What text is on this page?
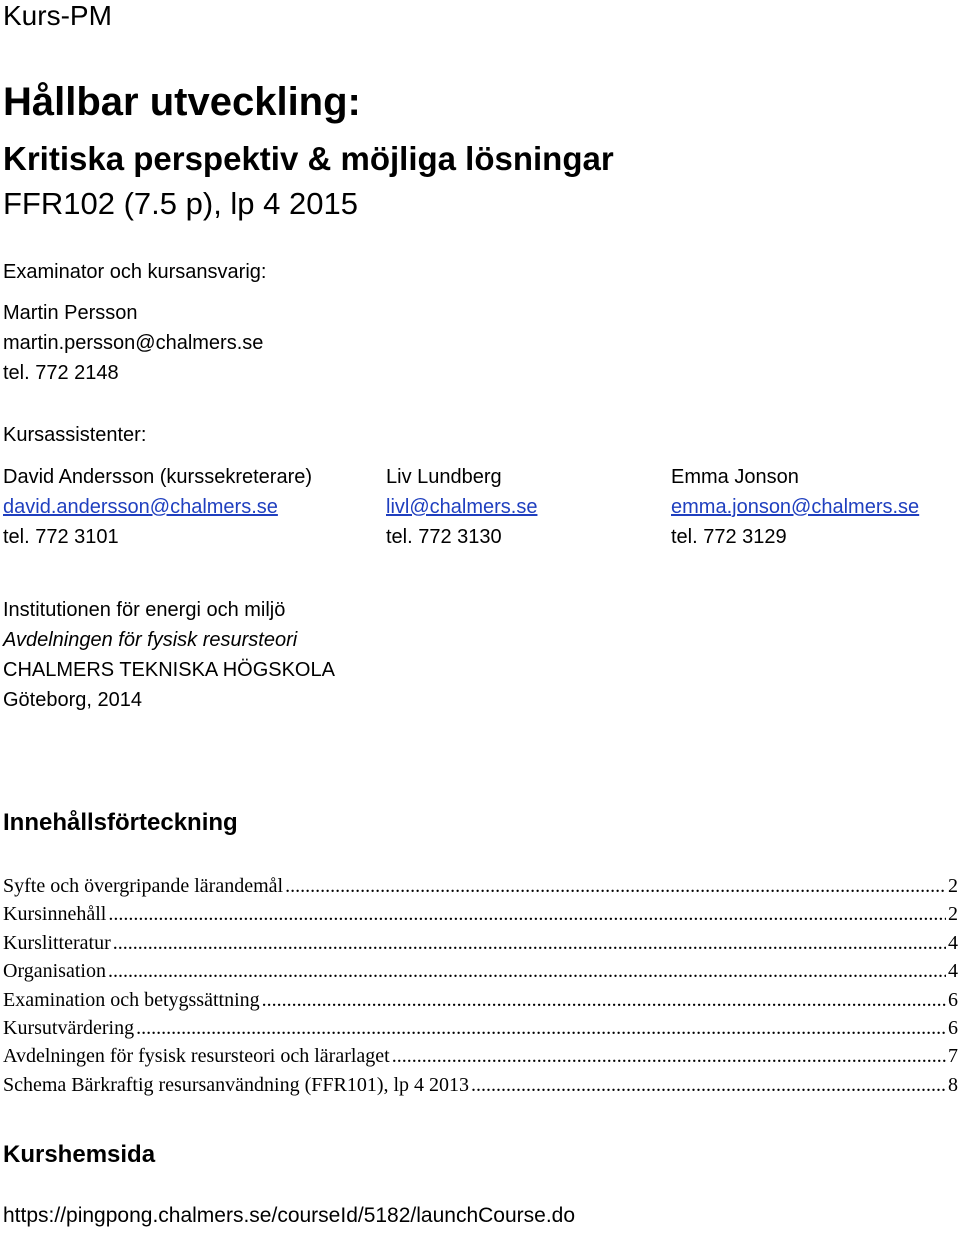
Kurs-PM
Hållbar utveckling:
Kritiska perspektiv & möjliga lösningar
FFR102 (7.5 p), lp 4 2015
Examinator och kursansvarig:
Martin Persson
martin.persson@chalmers.se
tel. 772 2148
Kursassistenter:
David Andersson (kurssekreterare)
david.andersson@chalmers.se
tel. 772 3101
Liv Lundberg
livl@chalmers.se
tel. 772 3130
Emma Jonson
emma.jonson@chalmers.se
tel. 772 3129
Institutionen för energi och miljö
Avdelningen för fysisk resursteori
CHALMERS TEKNISKA HÖGSKOLA
Göteborg, 2014
Innehållsförteckning
Syfte och övergripande lärandemål .....	2
Kursinnehåll .....	2
Kurslitteratur .....	4
Organisation .....	4
Examination och betygssättning .....	6
Kursutvärdering .....	6
Avdelningen för fysisk resursteori och lärarlaget .....	7
Schema Bärkraftig resursanvändning (FFR101), lp 4 2013 .....	8
Kurshemsida
https://pingpong.chalmers.se/courseId/5182/launchCourse.do
